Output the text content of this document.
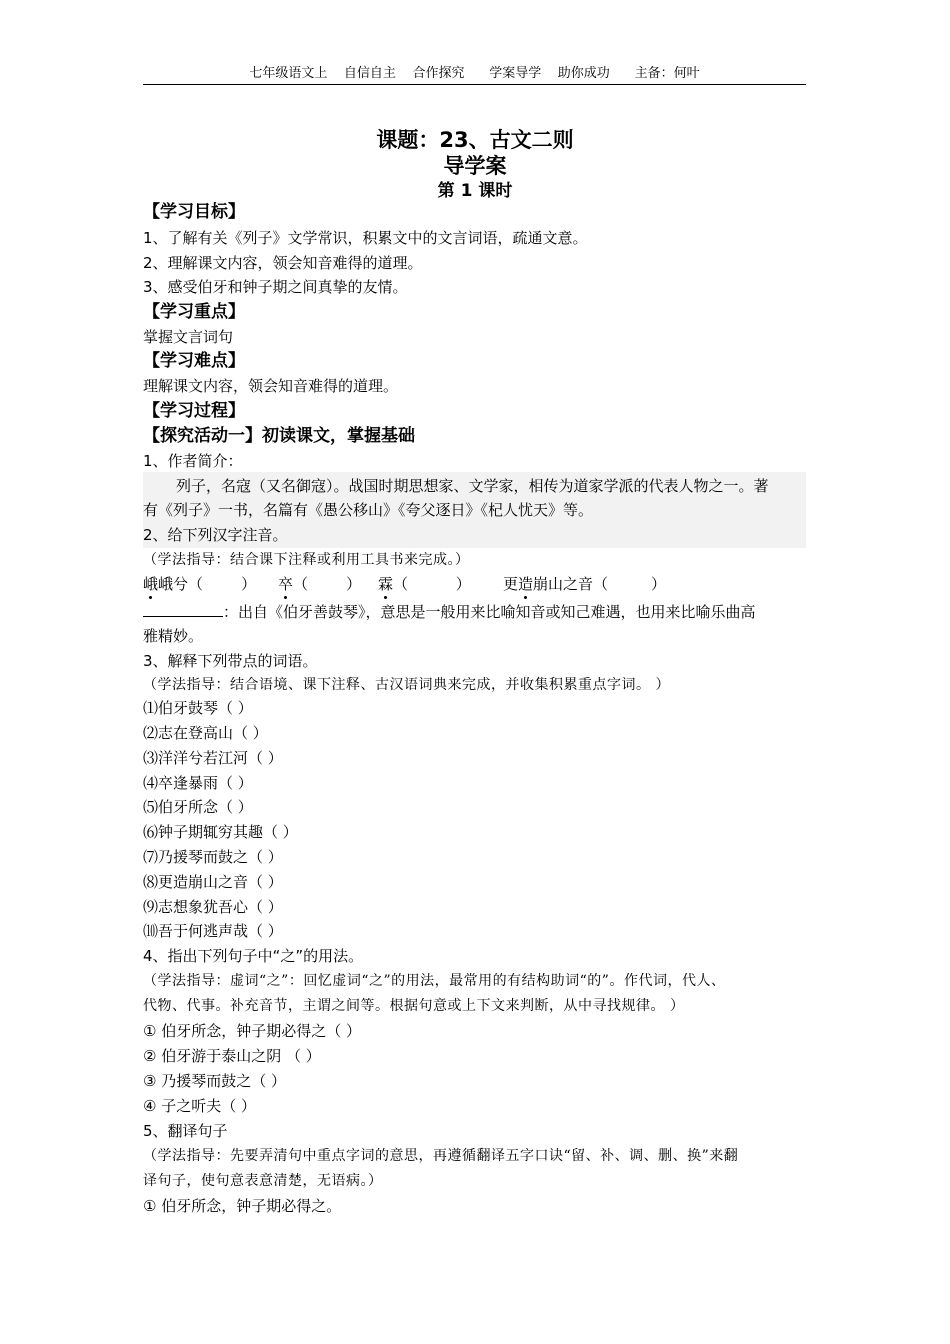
七年级语文上    自信自主    合作探究      学案导学    助你成功      主备：何叶
课题：23、古文二则
导学案
第 1 课时
【学习目标】
1、了解有关《列子》文学常识，积累文中的文言词语，疏通文意。
2、理解课文内容，领会知音难得的道理。
3、感受伯牙和钟子期之间真挚的友情。
【学习重点】
掌握文言词句
【学习难点】
理解课文内容，领会知音难得的道理。
【学习过程】
【探究活动一】初读课文，掌握基础
1、作者简介：
列子，名寇（又名御寇）。战国时期思想家、文学家，相传为道家学派的代表人物之一。著
有《列子》一书，名篇有《愚公移山》《夸父逐日》《杞人忧天》等。
2、给下列汉字注音。
（学法指导：结合课下注释或利用工具书来完成。）
峨峨兮（        ） 卒（        ） 霖（          ） 更造崩山之音（         ）
：出自《伯牙善鼓琴》，意思是一般用来比喻知音或知己难遇，也用来比喻乐曲高
雅精妙。
3、解释下列带点的词语。
（学法指导：结合语境、课下注释、古汉语词典来完成，并收集积累重点字词。 ）
⑴伯牙鼓琴（ ）
⑵志在登高山（ ）
⑶洋洋兮若江河（ ）
⑷卒逢暴雨（ ）
⑸伯牙所念（ ）
⑹钟子期辄穷其趣（ ）
⑺乃援琴而鼓之（ ）
⑻更造崩山之音（ ）
⑼志想象犹吾心（ ）
⑽吾于何逃声哉（ ）
4、指出下列句子中“之”的用法。
（学法指导：虚词“之”：回忆虚词“之”的用法，最常用的有结构助词“的”。作代词，代人、
代物、代事。补充音节，主谓之间等。根据句意或上下文来判断，从中寻找规律。 ）
① 伯牙所念，钟子期必得之（ ）
② 伯牙游于泰山之阴 （ ）
③ 乃援琴而鼓之（ ）
④ 子之听夫（ ）
5、翻译句子
（学法指导：先要弄清句中重点字词的意思，再遵循翻译五字口诀“留、补、调、删、换”来翻
译句子，使句意表意清楚，无语病。）
① 伯牙所念，钟子期必得之。
